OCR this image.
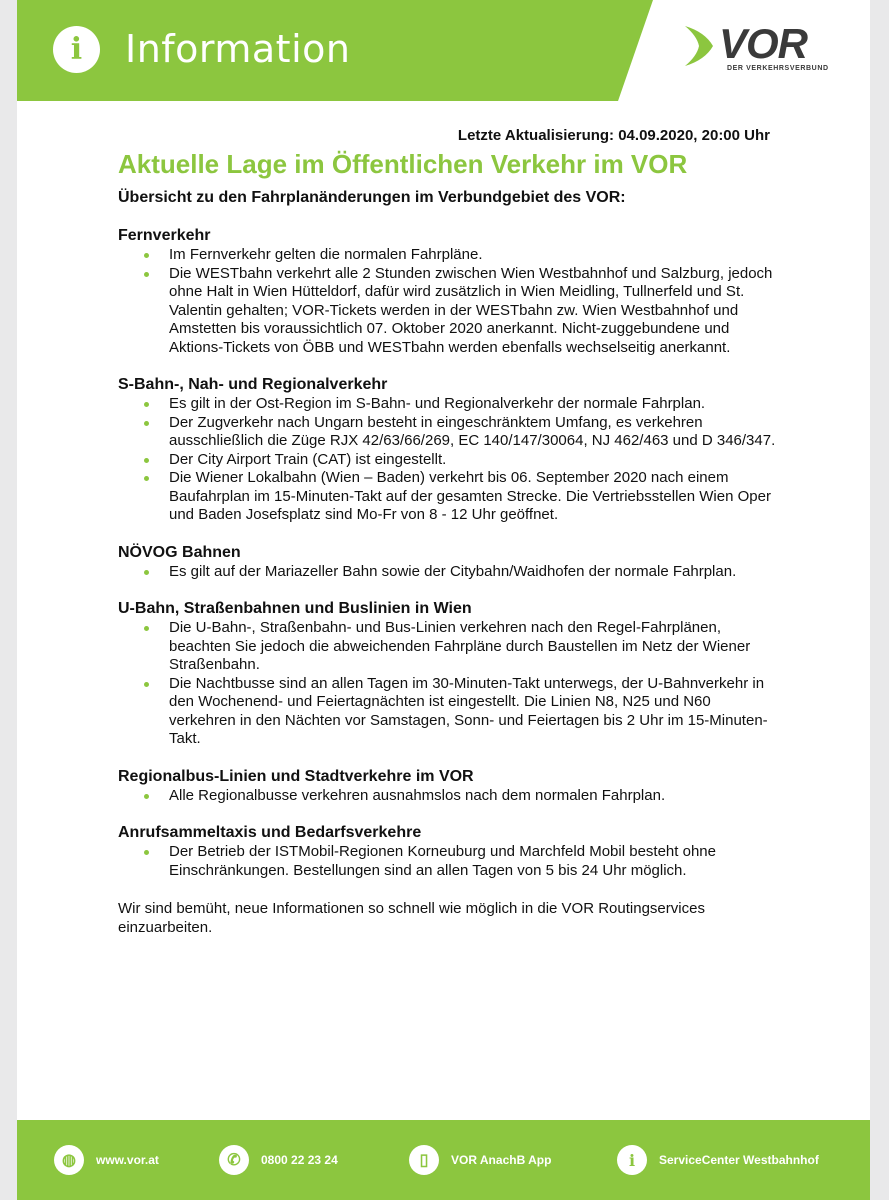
i	Information	VOR
DER VERKEHRSVERBUND
Letzte Aktualisierung: 04.09.2020, 20:00 Uhr
Aktuelle Lage im Öffentlichen Verkehr im VOR
Übersicht zu den Fahrplanänderungen im Verbundgebiet des VOR:
Fernverkehr
Im Fernverkehr gelten die normalen Fahrpläne.
Die WESTbahn verkehrt alle 2 Stunden zwischen Wien Westbahnhof und Salzburg, jedoch ohne Halt in Wien Hütteldorf, dafür wird zusätzlich in Wien Meidling, Tullnerfeld und St. Valentin gehalten; VOR-Tickets werden in der WESTbahn zw. Wien Westbahnhof und Amstetten bis voraussichtlich 07. Oktober 2020 anerkannt. Nicht-zuggebundene und Aktions-Tickets von ÖBB und WESTbahn werden ebenfalls wechselseitig anerkannt.
S-Bahn-, Nah- und Regionalverkehr
Es gilt in der Ost-Region im S-Bahn- und Regionalverkehr der normale Fahrplan.
Der Zugverkehr nach Ungarn besteht in eingeschränktem Umfang, es verkehren ausschließlich die Züge RJX 42/63/66/269, EC 140/147/30064, NJ 462/463 und D 346/347.
Der City Airport Train (CAT) ist eingestellt.
Die Wiener Lokalbahn (Wien – Baden) verkehrt bis 06. September 2020 nach einem Baufahrplan im 15-Minuten-Takt auf der gesamten Strecke. Die Vertriebsstellen Wien Oper und Baden Josefsplatz sind Mo-Fr von 8 - 12 Uhr geöffnet.
NÖVOG Bahnen
Es gilt auf der Mariazeller Bahn sowie der Citybahn/Waidhofen der normale Fahrplan.
U-Bahn, Straßenbahnen und Buslinien in Wien
Die U-Bahn-, Straßenbahn- und Bus-Linien verkehren nach den Regel-Fahrplänen, beachten Sie jedoch die abweichenden Fahrpläne durch Baustellen im Netz der Wiener Straßenbahn.
Die Nachtbusse sind an allen Tagen im 30-Minuten-Takt unterwegs, der U-Bahnverkehr in den Wochenend- und Feiertagnächten ist eingestellt. Die Linien N8, N25 und N60 verkehren in den Nächten vor Samstagen, Sonn- und Feiertagen bis 2 Uhr im 15-Minuten-Takt.
Regionalbus-Linien und Stadtverkehre im VOR
Alle Regionalbusse verkehren ausnahmslos nach dem normalen Fahrplan.
Anrufsammeltaxis und Bedarfsverkehre
Der Betrieb der ISTMobil-Regionen Korneuburg und Marchfeld Mobil besteht ohne Einschränkungen. Bestellungen sind an allen Tagen von 5 bis 24 Uhr möglich.
Wir sind bemüht, neue Informationen so schnell wie möglich in die VOR Routingservices einzuarbeiten.
◍	www.vor.at	✆	0800 22 23 24	▯	VOR AnachB App	i	ServiceCenter Westbahnhof
